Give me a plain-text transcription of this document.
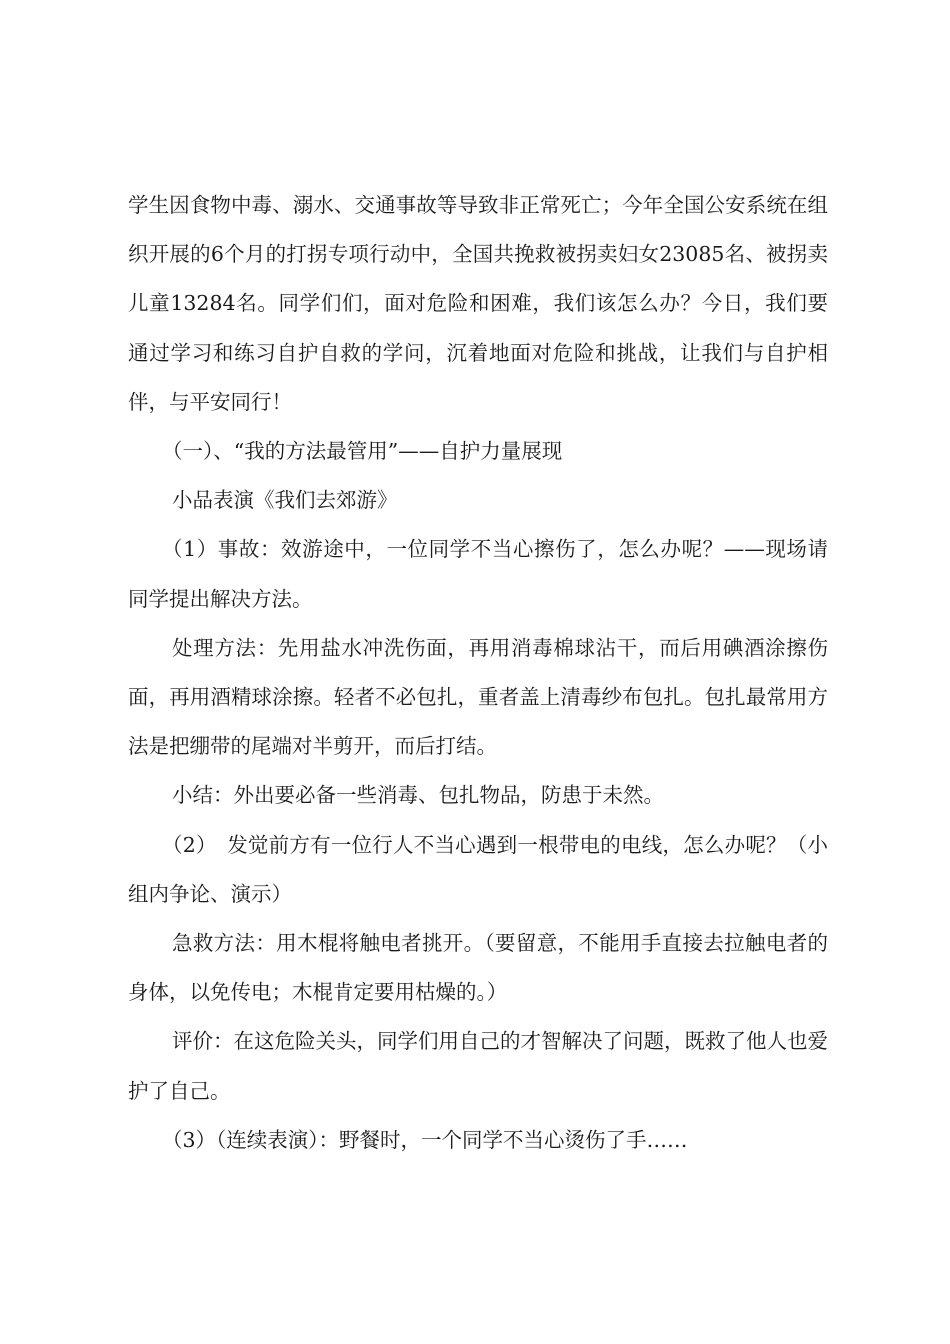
学生因食物中毒、溺水、交通事故等导致非正常死亡；今年全国公安系统在组织开展的6个月的打拐专项行动中，全国共挽救被拐卖妇女23085名、被拐卖儿童13284名。同学们们，面对危险和困难，我们该怎么办？今日，我们要通过学习和练习自护自救的学问，沉着地面对危险和挑战，让我们与自护相伴，与平安同行！

（一）、“我的方法最管用”——自护力量展现

小品表演《我们去郊游》

（1）事故：效游途中，一位同学不当心擦伤了，怎么办呢？——现场请同学提出解决方法。

处理方法：先用盐水冲洗伤面，再用消毒棉球沾干，而后用碘酒涂擦伤面，再用酒精球涂擦。轻者不必包扎，重者盖上清毒纱布包扎。包扎最常用方法是把绷带的尾端对半剪开，而后打结。

小结：外出要必备一些消毒、包扎物品，防患于未然。

（2）　发觉前方有一位行人不当心遇到一根带电的电线，怎么办呢？（小组内争论、演示）

急救方法：用木棍将触电者挑开。（要留意，不能用手直接去拉触电者的身体，以免传电；木棍肯定要用枯燥的。）

评价：在这危险关头，同学们用自己的才智解决了问题，既救了他人也爱护了自己。

（3）（连续表演）：野餐时，一个同学不当心烫伤了手……
